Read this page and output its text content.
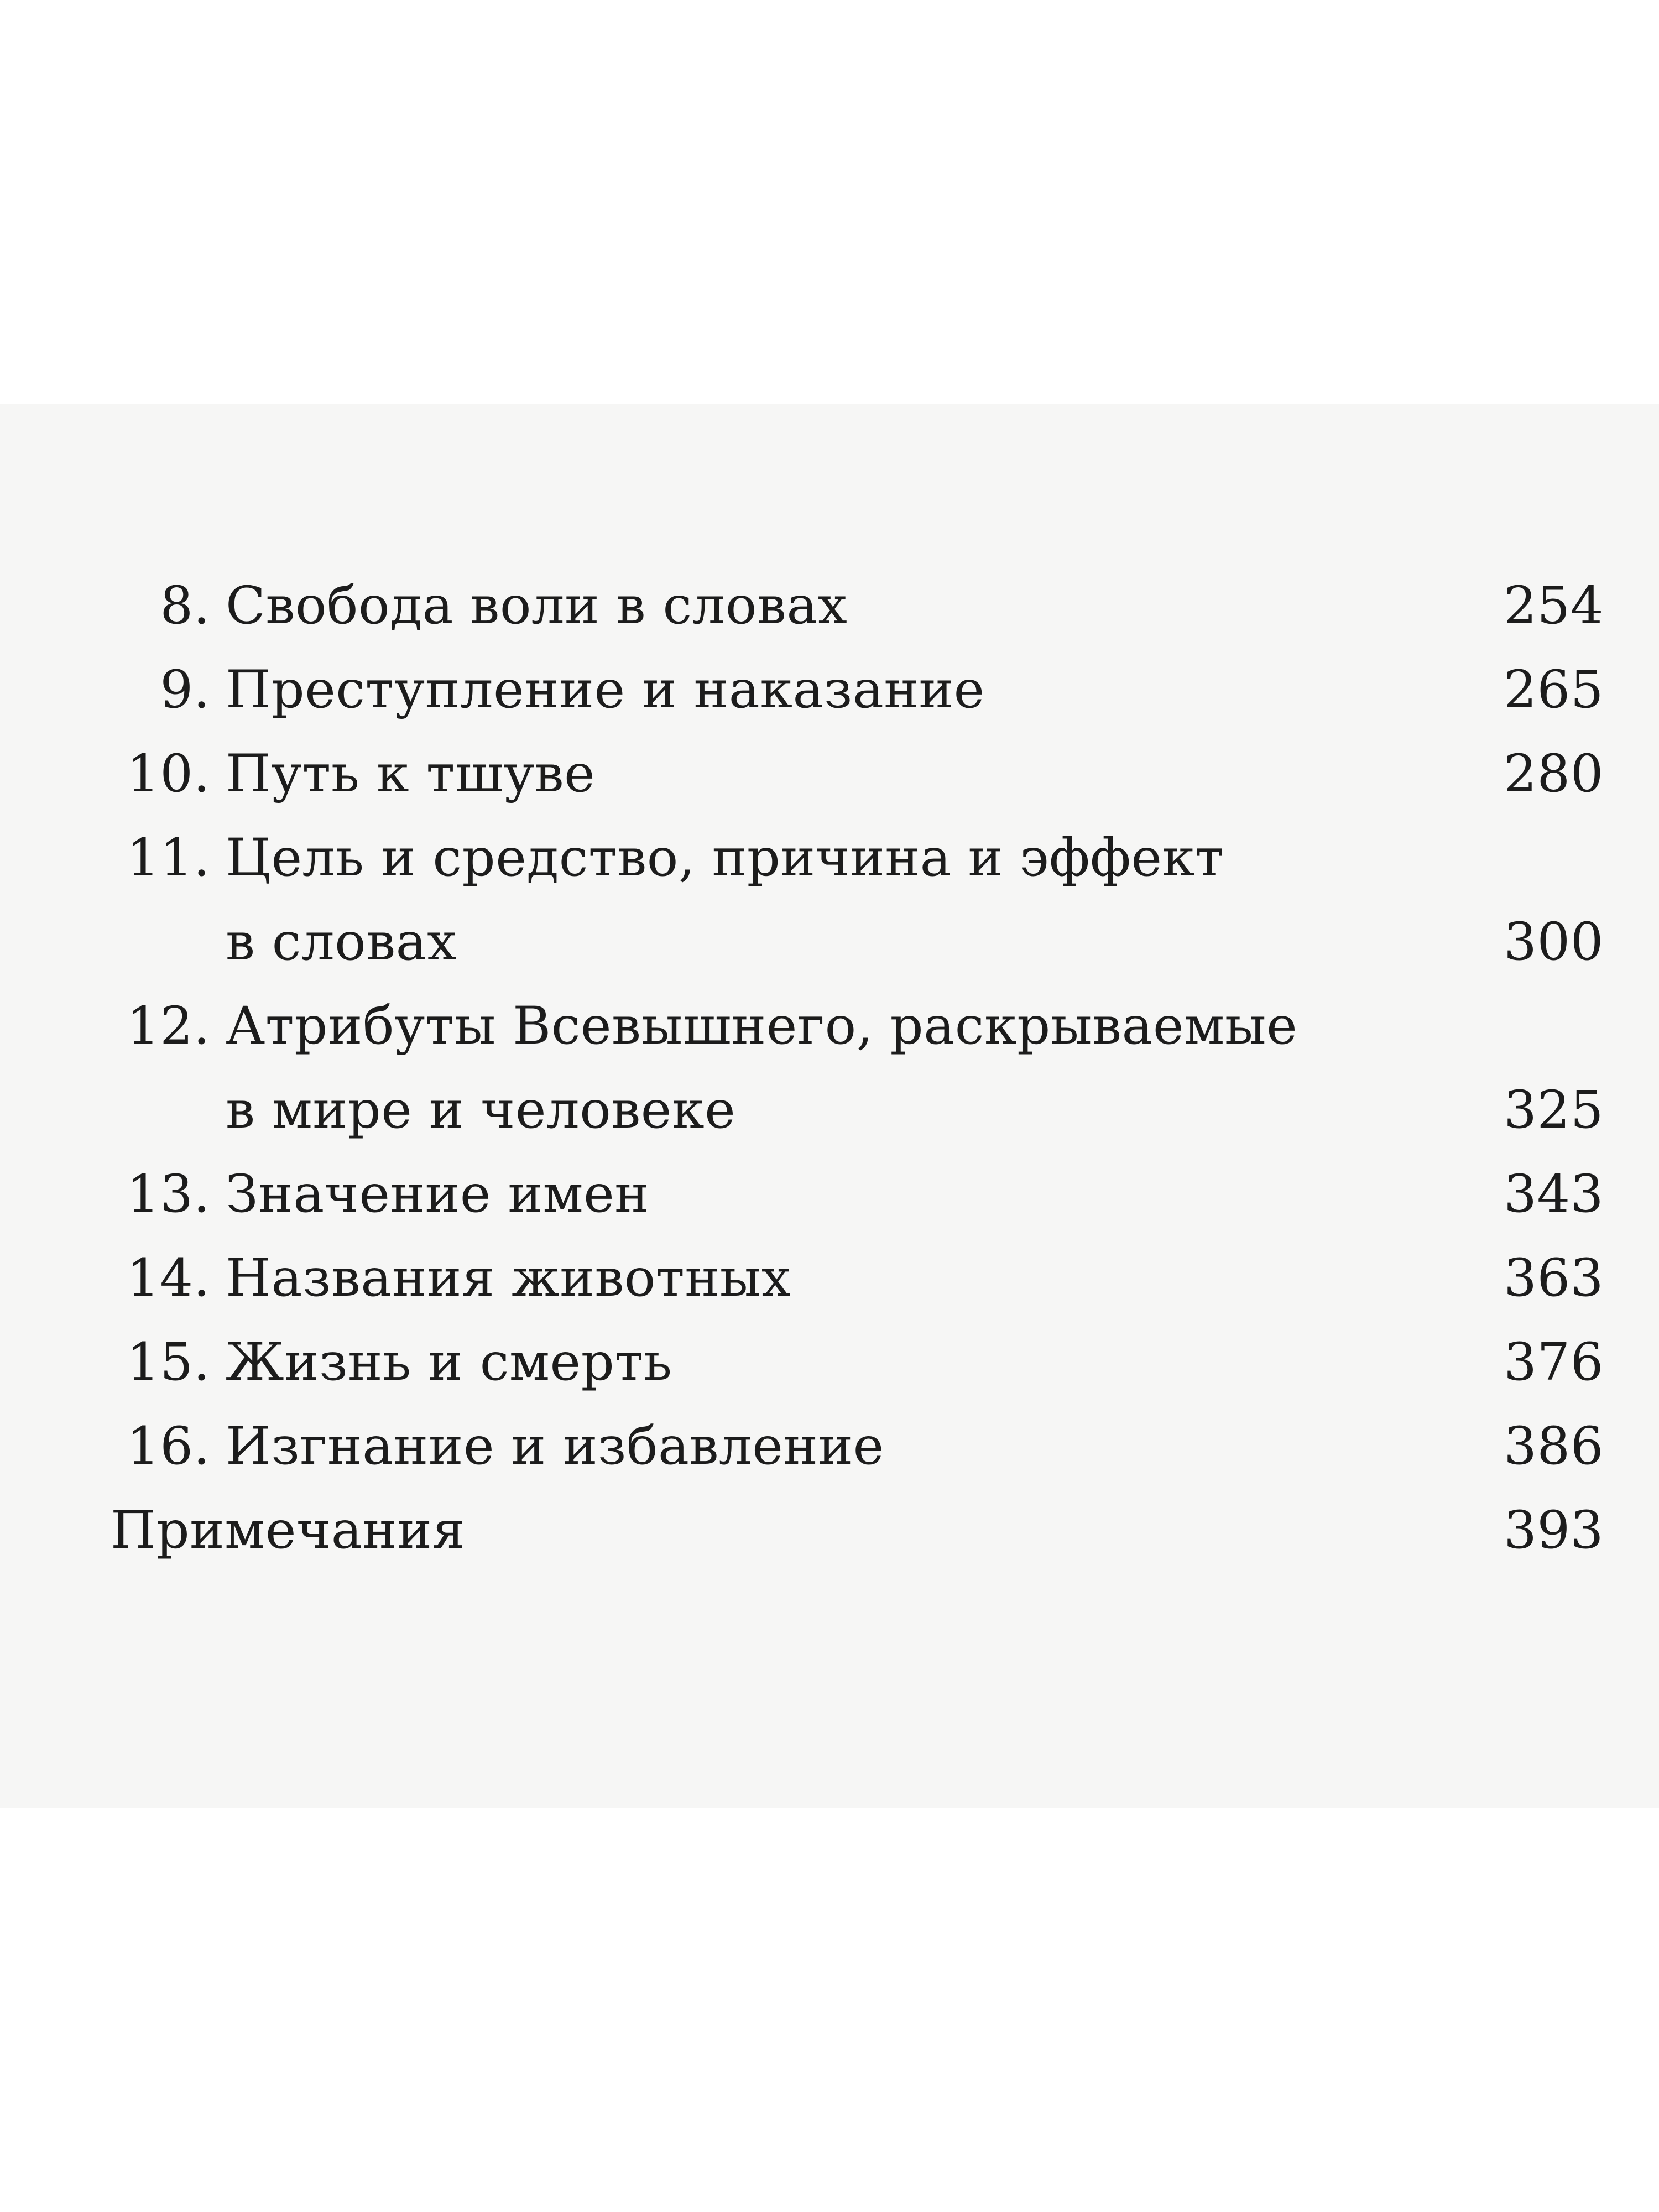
8. Свобода воли в словах	254
9. Преступление и наказание	265
10. Путь к тшуве	280
11. Цель и средство, причина и эффект
в словах	300
12. Атрибуты Всевышнего, раскрываемые
в мире и человеке	325
13. Значение имен	343
14. Названия животных	363
15. Жизнь и смерть	376
16. Изгнание и избавление	386
Примечания	393
